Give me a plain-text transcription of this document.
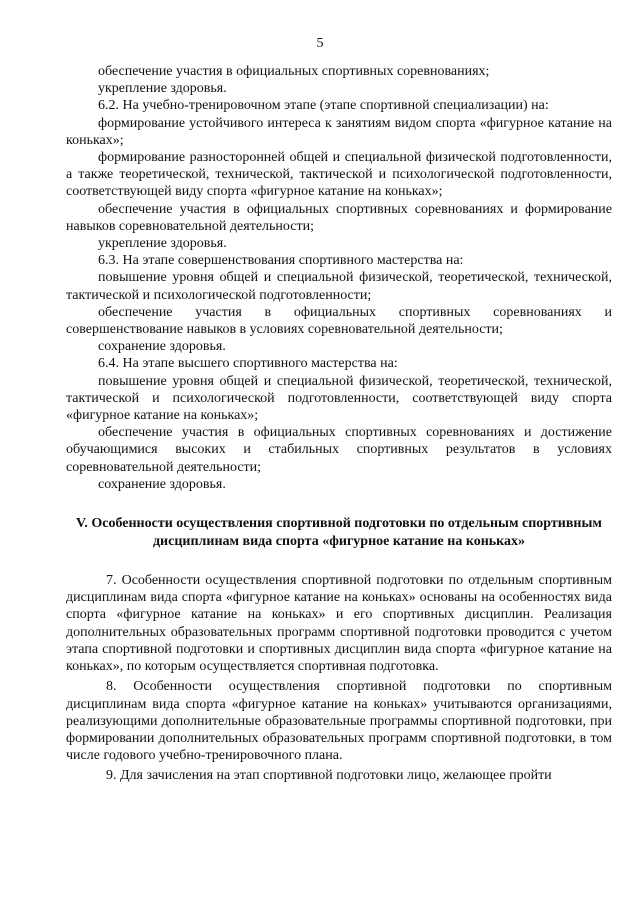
5

обеспечение участия в официальных спортивных соревнованиях;

укрепление здоровья.

6.2. На учебно-тренировочном этапе (этапе спортивной специализации) на:

формирование устойчивого интереса к занятиям видом спорта «фигурное катание на коньках»;

формирование разносторонней общей и специальной физической подготовленности, а также теоретической, технической, тактической и психологической подготовленности, соответствующей виду спорта «фигурное катание на коньках»;

обеспечение участия в официальных спортивных соревнованиях и формирование навыков соревновательной деятельности;

укрепление здоровья.

6.3. На этапе совершенствования спортивного мастерства на:

повышение уровня общей и специальной физической, теоретической, технической, тактической и психологической подготовленности;

обеспечение участия в официальных спортивных соревнованиях и совершенствование навыков в условиях соревновательной деятельности;

сохранение здоровья.

6.4. На этапе высшего спортивного мастерства на:

повышение уровня общей и специальной физической, теоретической, технической, тактической и психологической подготовленности, соответствующей виду спорта «фигурное катание на коньках»;

обеспечение участия в официальных спортивных соревнованиях и достижение обучающимися высоких и стабильных спортивных результатов в условиях соревновательной деятельности;

сохранение здоровья.

V. Особенности осуществления спортивной подготовки по отдельным спортивным дисциплинам вида спорта «фигурное катание на коньках»

7. Особенности осуществления спортивной подготовки по отдельным спортивным дисциплинам вида спорта «фигурное катание на коньках» основаны на особенностях вида спорта «фигурное катание на коньках» и его спортивных дисциплин. Реализация дополнительных образовательных программ спортивной подготовки проводится с учетом этапа спортивной подготовки и спортивных дисциплин вида спорта «фигурное катание на коньках», по которым осуществляется спортивная подготовка.

8. Особенности осуществления спортивной подготовки по спортивным дисциплинам вида спорта «фигурное катание на коньках» учитываются организациями, реализующими дополнительные образовательные программы спортивной подготовки, при формировании дополнительных образовательных программ спортивной подготовки, в том числе годового учебно-тренировочного плана.

9. Для зачисления на этап спортивной подготовки лицо, желающее пройти
